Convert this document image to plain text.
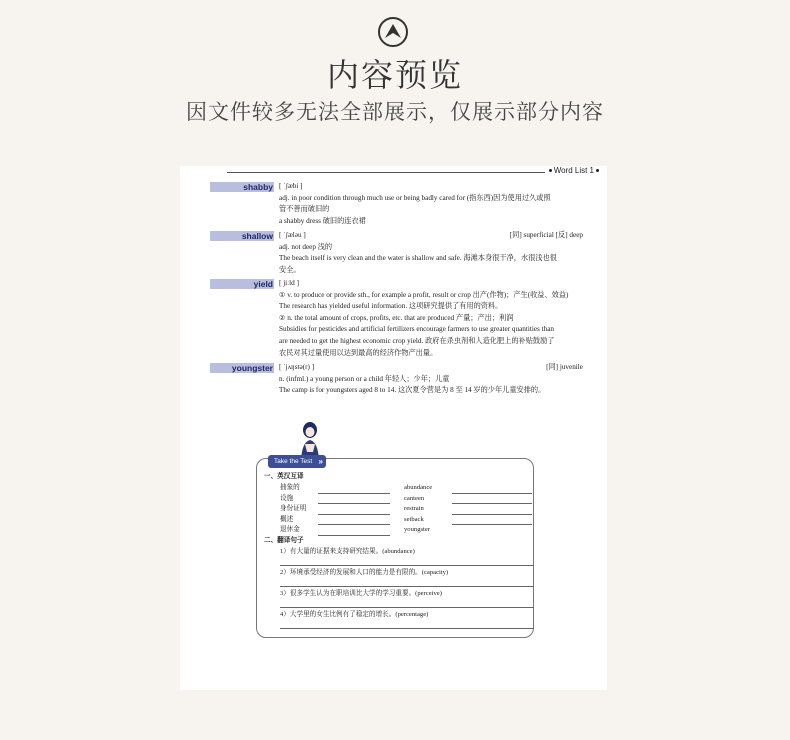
内容预览
因文件较多无法全部展示，仅展示部分内容
Word List 1
shabby [ ˈʃæbi ]
adj. in poor condition through much use or being badly cared for (指东西)因为使用过久或照
管不善而破旧的
a shabby dress 破旧的连衣裙
shallow [ ˈʃæləu ]	[同] superficial [反] deep
adj. not deep 浅的
The beach itself is very clean and the water is shallow and safe. 海滩本身很干净，水很浅也很
安全。
yield [ jiːld ]
① v. to produce or provide sth., for example a profit, result or crop 出产(作物)；产生(收益、效益)
The research has yielded useful information. 这项研究提供了有用的资料。
② n. the total amount of crops, profits, etc. that are produced 产量；产出；利润
Subsidies for pesticides and artificial fertilizers encourage farmers to use greater quantities than
are needed to get the highest economic crop yield. 政府在杀虫剂和人造化肥上的补贴鼓励了
农民对其过量使用以达到最高的经济作物产出量。
youngster [ ˈjʌŋstə(r) ]	[同] juvenile
n. (infml.) a young person or a child 年轻人；少年；儿童
The camp is for youngsters aged 8 to 14. 这次夏令营是为 8 至 14 岁的少年儿童安排的。
Take the Test »
一、英汉互译
抽象的
设施
身份证明
概述
退休金
abundance
canteen
restrain
setback
youngster
二、翻译句子
1）有大量的证据来支持研究结果。(abundance)
2）环境承受经济的发展和人口的能力是有限的。(capacity)
3）很多学生认为在职培训比大学的学习重要。(perceive)
4）大学里的女生比例有了稳定的增长。(percentage)
